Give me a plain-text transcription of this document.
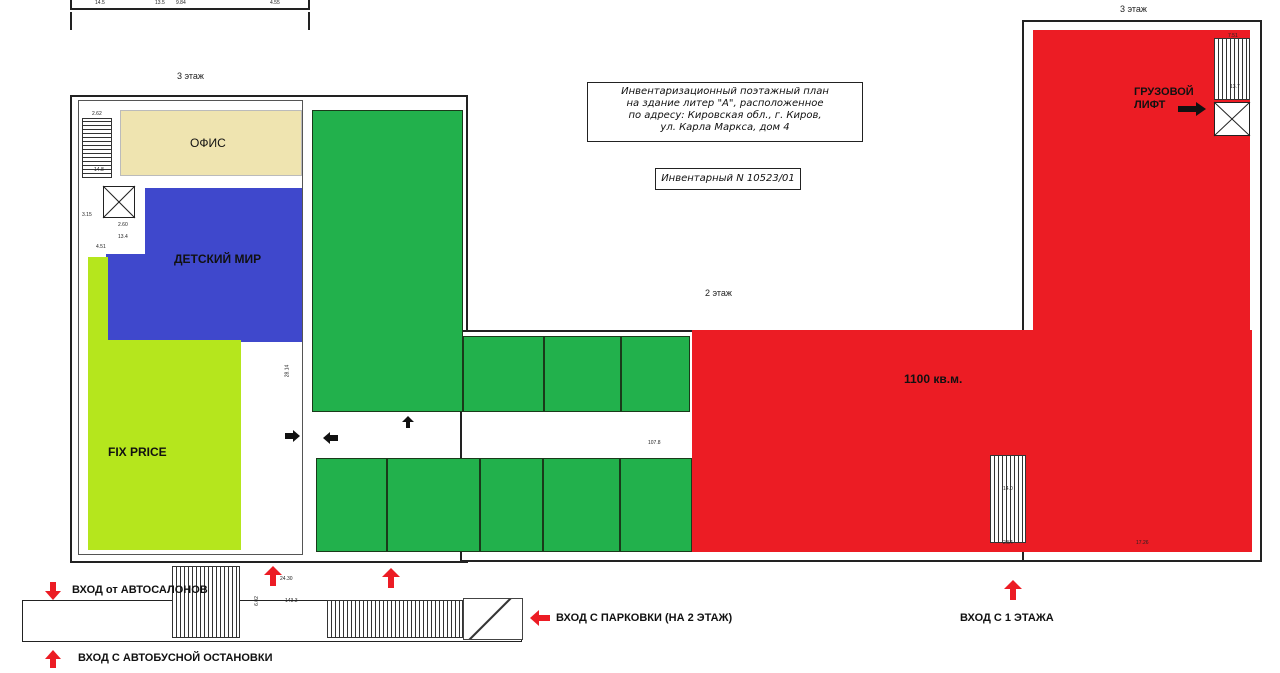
14.5	13.5 9.84	4.55
3 этаж
3 этаж
2 этаж
2.62
14.8
3.15
2.60
13.4
4.51
ОФИС
ДЕТСКИЙ МИР
FIX PRICE
28.14
107.8
1100 кв.м.
7.51
13.7
ГРУЗОВОЙ
ЛИФТ
14.0
2.54	17.26
Инвентаризационный поэтажный план
на здание литер "А", расположенное
по адресу: Кировская обл., г. Киров,
ул. Карла Маркса, дом 4
Инвентарный N 10523/01
24.30
143.3
6.02
ВХОД от АВТОСАЛОНОВ
ВХОД С АВТОБУСНОЙ ОСТАНОВКИ
ВХОД С ПАРКОВКИ (НА 2 ЭТАЖ)	ВХОД С 1 ЭТАЖА
